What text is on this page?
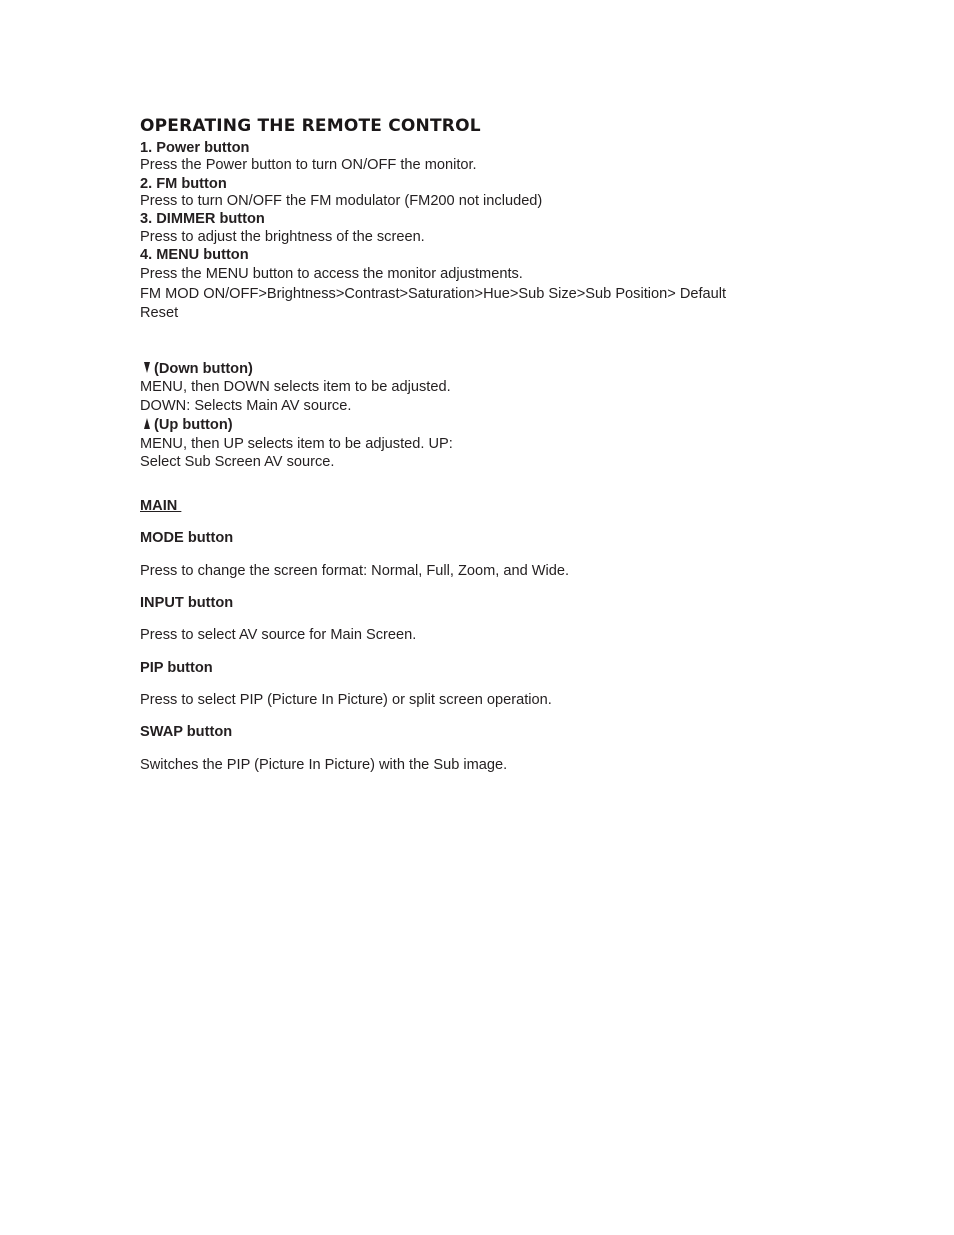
OPERATING THE REMOTE CONTROL
1. Power button
Press the Power button to turn ON/OFF the monitor.
2. FM button
Press to turn ON/OFF the FM modulator (FM200 not included)
3. DIMMER button
Press to adjust the brightness of the screen.
4. MENU button
Press the MENU button to access the monitor adjustments.
FM MOD ON/OFF>Brightness>Contrast>Saturation>Hue>Sub Size>Sub Position> Default
Reset
(Down button)
MENU, then DOWN selects item to be adjusted.
DOWN: Selects Main AV source.
(Up button)
MENU, then UP selects item to be adjusted. UP:
Select Sub Screen AV source.
MAIN
MODE button
Press to change the screen format: Normal, Full, Zoom, and Wide.
INPUT button
Press to select AV source for Main Screen.
PIP button
Press to select PIP (Picture In Picture) or split screen operation.
SWAP button
Switches the PIP (Picture In Picture) with the Sub image.
